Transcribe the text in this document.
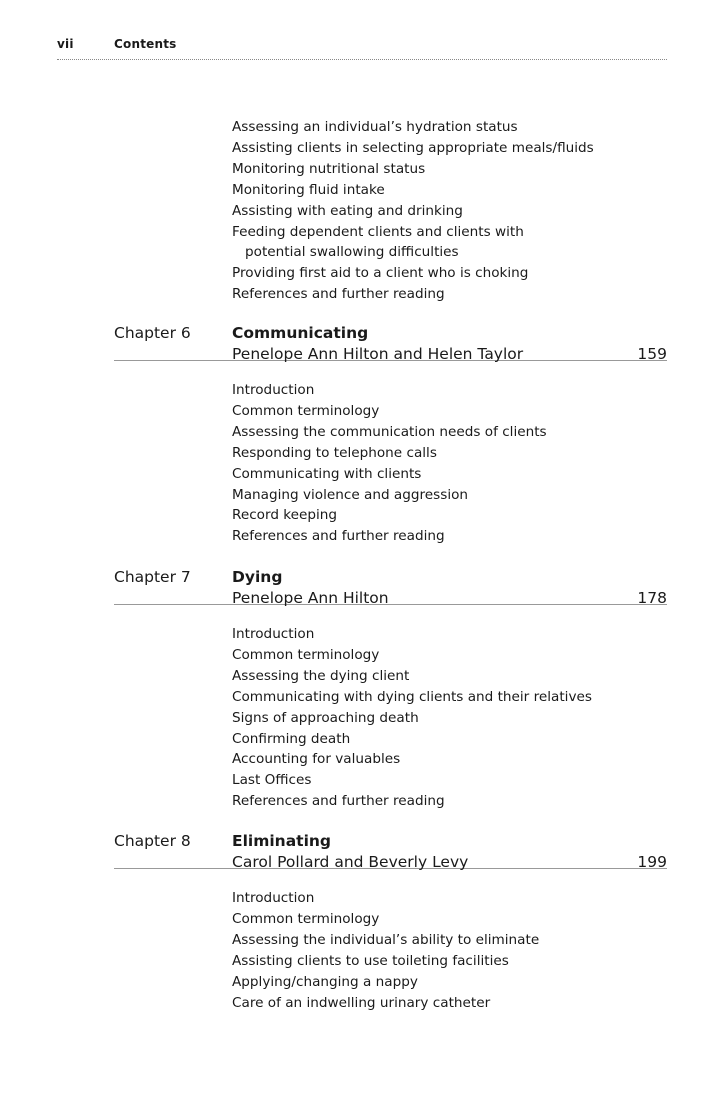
vii	Contents
Assessing an individual’s hydration status
Assisting clients in selecting appropriate meals/fluids
Monitoring nutritional status
Monitoring fluid intake
Assisting with eating and drinking
Feeding dependent clients and clients with
potential swallowing difficulties
Providing first aid to a client who is choking
References and further reading
Chapter 6	Communicating
Penelope Ann Hilton and Helen Taylor	159
Introduction
Common terminology
Assessing the communication needs of clients
Responding to telephone calls
Communicating with clients
Managing violence and aggression
Record keeping
References and further reading
Chapter 7	Dying
Penelope Ann Hilton	178
Introduction
Common terminology
Assessing the dying client
Communicating with dying clients and their relatives
Signs of approaching death
Confirming death
Accounting for valuables
Last Offices
References and further reading
Chapter 8	Eliminating
Carol Pollard and Beverly Levy	199
Introduction
Common terminology
Assessing the individual’s ability to eliminate
Assisting clients to use toileting facilities
Applying/changing a nappy
Care of an indwelling urinary catheter
